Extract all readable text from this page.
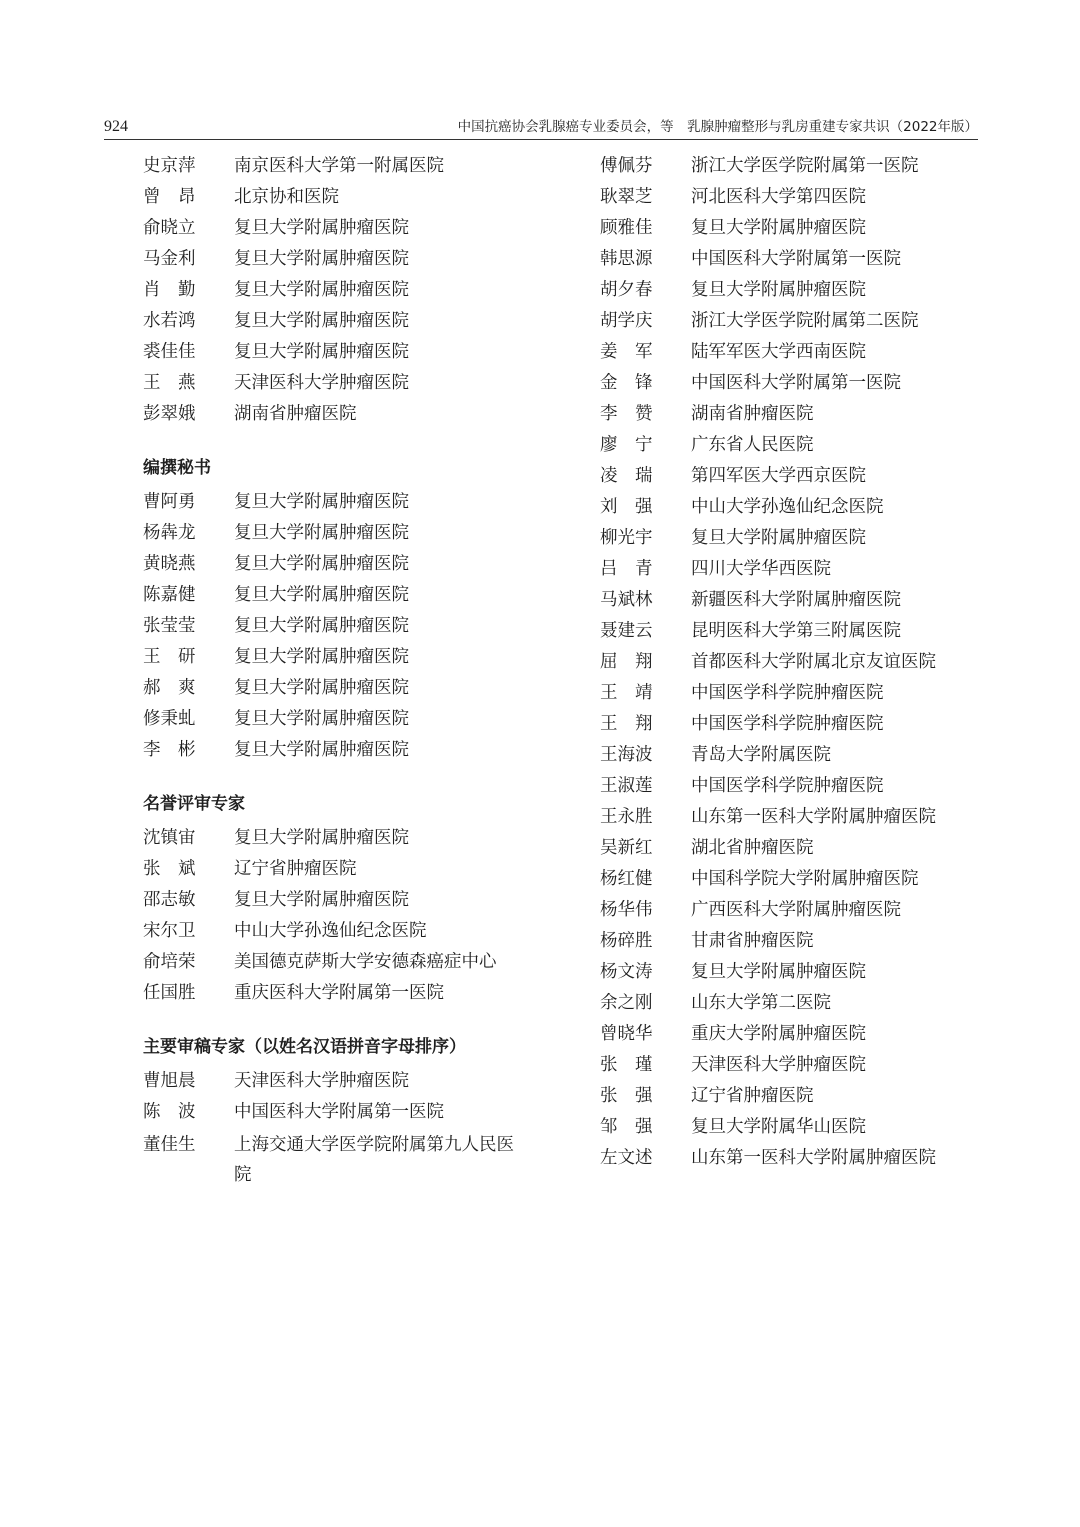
924	中国抗癌协会乳腺癌专业委员会，等　乳腺肿瘤整形与乳房重建专家共识（2022年版）
史京萍	南京医科大学第一附属医院
曾　昂	北京协和医院
俞晓立	复旦大学附属肿瘤医院
马金利	复旦大学附属肿瘤医院
肖　勤	复旦大学附属肿瘤医院
水若鸿	复旦大学附属肿瘤医院
裘佳佳	复旦大学附属肿瘤医院
王　燕	天津医科大学肿瘤医院
彭翠娥	湖南省肿瘤医院
编撰秘书
曹阿勇	复旦大学附属肿瘤医院
杨犇龙	复旦大学附属肿瘤医院
黄晓燕	复旦大学附属肿瘤医院
陈嘉健	复旦大学附属肿瘤医院
张莹莹	复旦大学附属肿瘤医院
王　研	复旦大学附属肿瘤医院
郝　爽	复旦大学附属肿瘤医院
修秉虬	复旦大学附属肿瘤医院
李　彬	复旦大学附属肿瘤医院
名誉评审专家
沈镇宙	复旦大学附属肿瘤医院
张　斌	辽宁省肿瘤医院
邵志敏	复旦大学附属肿瘤医院
宋尔卫	中山大学孙逸仙纪念医院
俞培荣	美国德克萨斯大学安德森癌症中心
任国胜	重庆医科大学附属第一医院
主要审稿专家（以姓名汉语拼音字母排序）
曹旭晨	天津医科大学肿瘤医院
陈　波	中国医科大学附属第一医院
董佳生	上海交通大学医学院附属第九人民医院
傅佩芬	浙江大学医学院附属第一医院
耿翠芝	河北医科大学第四医院
顾雅佳	复旦大学附属肿瘤医院
韩思源	中国医科大学附属第一医院
胡夕春	复旦大学附属肿瘤医院
胡学庆	浙江大学医学院附属第二医院
姜　军	陆军军医大学西南医院
金　锋	中国医科大学附属第一医院
李　赞	湖南省肿瘤医院
廖　宁	广东省人民医院
凌　瑞	第四军医大学西京医院
刘　强	中山大学孙逸仙纪念医院
柳光宇	复旦大学附属肿瘤医院
吕　青	四川大学华西医院
马斌林	新疆医科大学附属肿瘤医院
聂建云	昆明医科大学第三附属医院
屈　翔	首都医科大学附属北京友谊医院
王　靖	中国医学科学院肿瘤医院
王　翔	中国医学科学院肿瘤医院
王海波	青岛大学附属医院
王淑莲	中国医学科学院肿瘤医院
王永胜	山东第一医科大学附属肿瘤医院
吴新红	湖北省肿瘤医院
杨红健	中国科学院大学附属肿瘤医院
杨华伟	广西医科大学附属肿瘤医院
杨碎胜	甘肃省肿瘤医院
杨文涛	复旦大学附属肿瘤医院
余之刚	山东大学第二医院
曾晓华	重庆大学附属肿瘤医院
张　瑾	天津医科大学肿瘤医院
张　强	辽宁省肿瘤医院
邹　强	复旦大学附属华山医院
左文述	山东第一医科大学附属肿瘤医院
